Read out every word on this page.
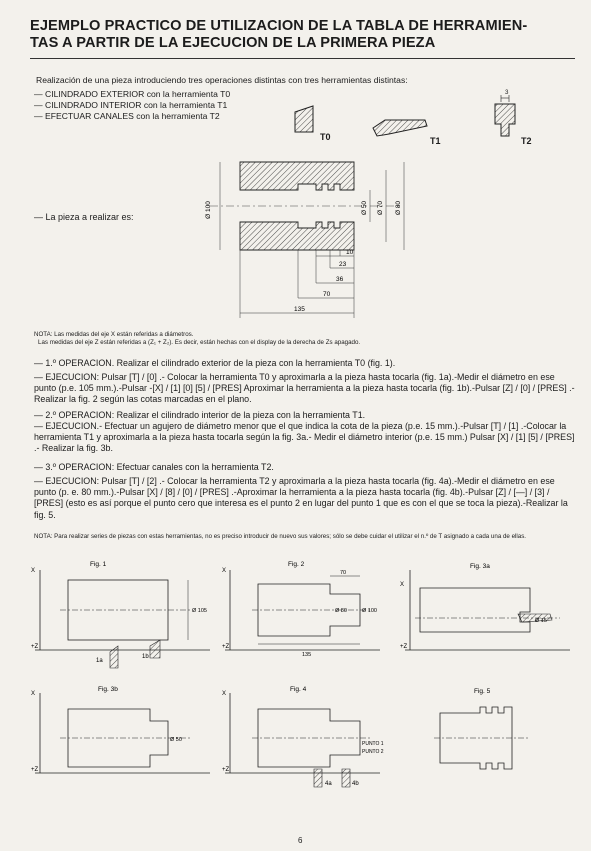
EJEMPLO PRACTICO DE UTILIZACION DE LA TABLA DE HERRAMIEN-
TAS A PARTIR DE LA EJECUCION DE LA PRIMERA PIEZA
Realización de una pieza introduciendo tres operaciones distintas con tres herramientas distintas:
— CILINDRADO EXTERIOR con la herramienta T0
— CILINDRADO INTERIOR con la herramienta T1
— EFECTUAR CANALES con la herramienta T2
T0	T1	T2
3
— La pieza a realizar es:	Ø 100	Ø 50 Ø 70 Ø 80
10
23
36
70
135
NOTA: Las medidas del eje X están referidas a diámetros.
Las medidas del eje Z están referidas a (Z₁ + Z₂). Es decir, están hechas con el display de la derecha de Zs apagado.

— 1.º OPERACION. Realizar el cilindrado exterior de la pieza con la herramienta T0 (fig. 1).

— EJECUCION: Pulsar [T] / [0] .- Colocar la herramienta T0 y aproximarla a la pieza hasta tocarla (fig. 1a).-Medir el diámetro en ese punto (p.e. 105 mm.).-Pulsar -[X] / [1] [0] [5] / [PRES] Aproximar la herramienta a la pieza hasta tocarla (fig. 1b).-Pulsar [Z] / [0] / [PRES] .-Realizar la fig. 2 según las cotas marcadas en el plano.

— 2.º OPERACION: Realizar el cilindrado interior de la pieza con la herramienta T1.

— EJECUCION.- Efectuar un agujero de diámetro menor que el que indica la cota de la pieza (p.e. 15 mm.).-Pulsar [T] / [1] .-Colocar la herramienta T1 y aproximarla a la pieza hasta tocarla según la fig. 3a.- Medir el diámetro interior (p.e. 15 mm.) Pulsar [X] / [1] [5] / [PRES] .- Realizar la fig. 3b.

— 3.º OPERACION: Efectuar canales con la herramienta T2.

— EJECUCION: Pulsar [T] / [2] .- Colocar la herramienta T2 y aproximarla a la pieza hasta tocarla (fig. 4a).-Medir el diámetro en ese punto (p. e. 80 mm.).-Pulsar [X] / [8] / [0] / [PRES] .-Aproximar la herramienta a la pieza hasta tocarla (fig. 4b).-Pulsar [Z] / [—] / [3] / [PRES] (esto es así porque el punto cero que interesa es el punto 2 en lugar del punto 1 que es con el que se toca la pieza).-Realizar la fig. 5.

NOTA: Para realizar series de piezas con estas herramientas, no es preciso introducir de nuevo sus valores; sólo se debe cuidar el utilizar el n.º de T asignado a cada una de ellas.
Fig. 1
X
+Z
Ø 105
1a
1b
Fig. 2
X
+Z
70
Ø 80	Ø 100
135
Fig. 3a
X
+Z
Ø 15
Fig. 3b
X
+Z
Ø 50
Fig. 4
X
+Z
PUNTO 1
PUNTO 2
4a	4b
Fig. 5
6
